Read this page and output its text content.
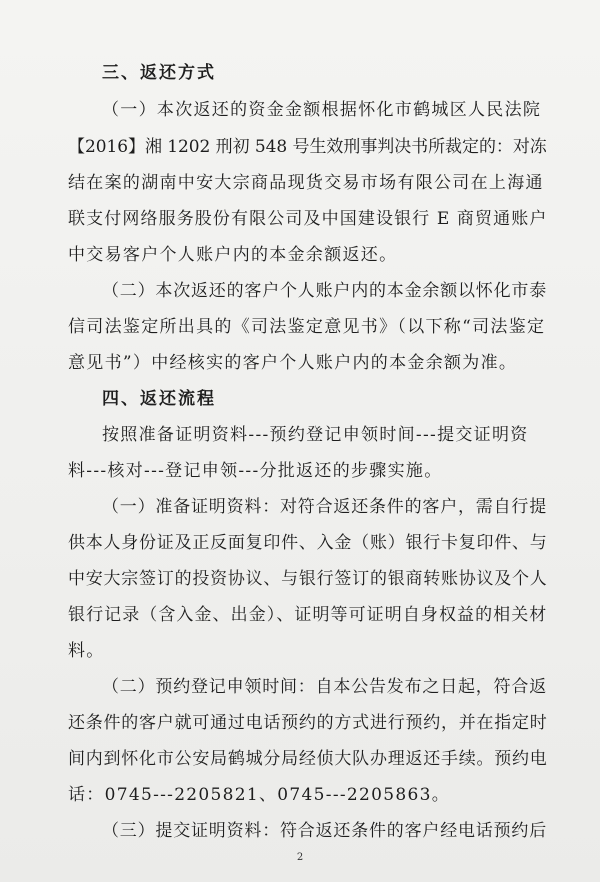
三、返还方式
（一）本次返还的资金金额根据怀化市鹤城区人民法院
【2016】湘 1202 刑初 548 号生效刑事判决书所裁定的：对冻
结在案的湖南中安大宗商品现货交易市场有限公司在上海通
联支付网络服务股份有限公司及中国建设银行 E 商贸通账户
中交易客户个人账户内的本金余额返还。
（二）本次返还的客户个人账户内的本金余额以怀化市泰
信司法鉴定所出具的《司法鉴定意见书》（以下称“司法鉴定
意见书”）中经核实的客户个人账户内的本金余额为准。
四、返还流程
按照准备证明资料---预约登记申领时间---提交证明资
料---核对---登记申领---分批返还的步骤实施。
（一）准备证明资料：对符合返还条件的客户，需自行提
供本人身份证及正反面复印件、入金（账）银行卡复印件、与
中安大宗签订的投资协议、与银行签订的银商转账协议及个人
银行记录（含入金、出金）、证明等可证明自身权益的相关材
料。
（二）预约登记申领时间：自本公告发布之日起，符合返
还条件的客户就可通过电话预约的方式进行预约，并在指定时
间内到怀化市公安局鹤城分局经侦大队办理返还手续。预约电
话：0745---2205821、0745---2205863。
（三）提交证明资料：符合返还条件的客户经电话预约后
2
